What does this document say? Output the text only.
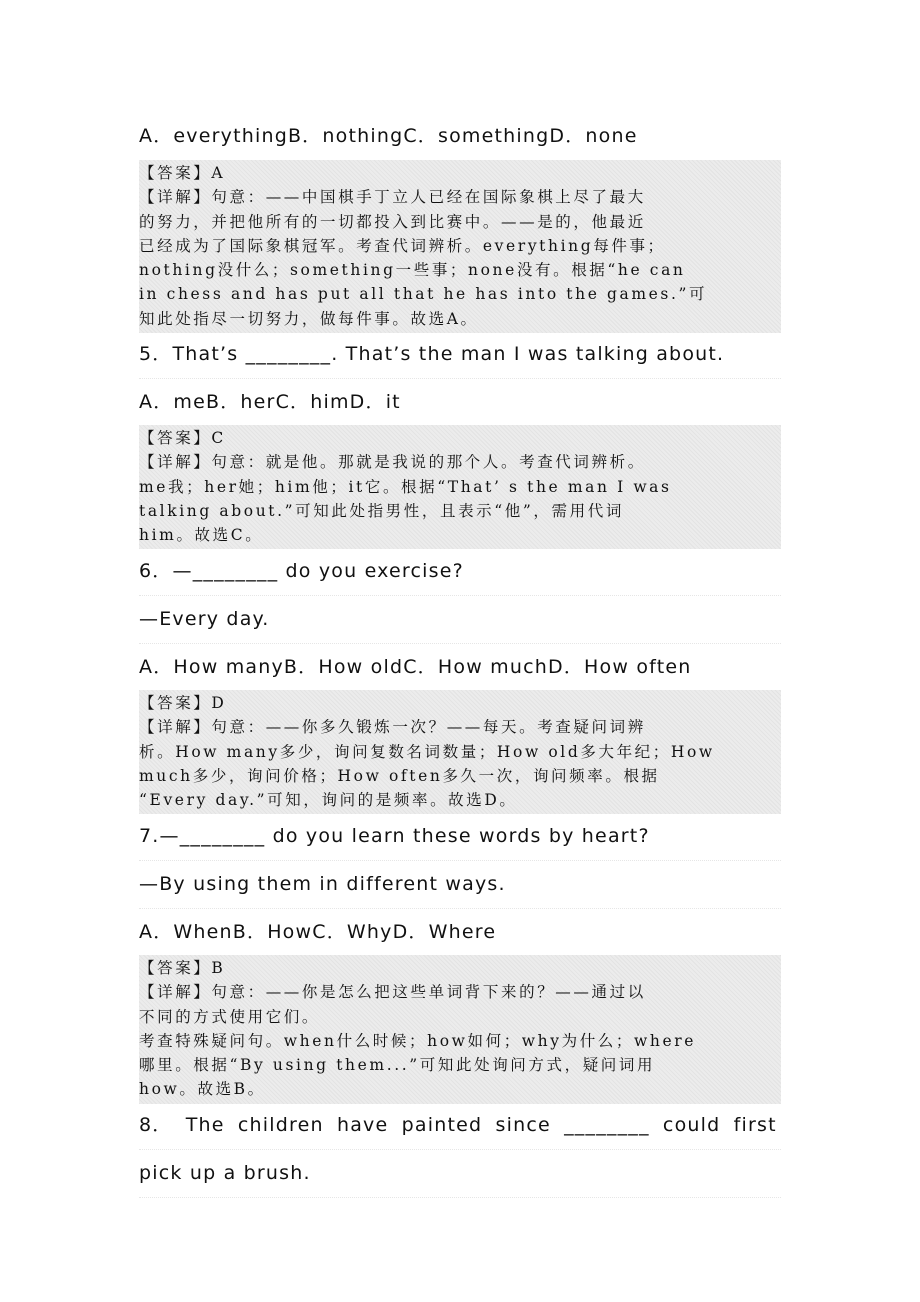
A．everythingB．nothingC．somethingD．none
【答案】A
【详解】句意：——中国棋手丁立人已经在国际象棋上尽了最大
的努力，并把他所有的一切都投入到比赛中。——是的，他最近
已经成为了国际象棋冠军。考查代词辨析。everything每件事；
nothing没什么；something一些事；none没有。根据“he can
in chess and has put all that he has into the games.”可
知此处指尽一切努力，做每件事。故选A。
5．That’s ________. That’s the man I was talking about.
A．meB．herC．himD．it
【答案】C
【详解】句意：就是他。那就是我说的那个人。考查代词辨析。
me我；her她；him他；it它。根据“That’ s the man I was
talking about.”可知此处指男性，且表示“他”，需用代词
him。故选C。
6．—________ do you exercise?
—Every day.
A．How manyB．How oldC．How muchD．How often
【答案】D
【详解】句意：——你多久锻炼一次？——每天。考查疑问词辨
析。How many多少，询问复数名词数量；How old多大年纪；How
much多少，询问价格；How often多久一次，询问频率。根据
“Every day.”可知，询问的是频率。故选D。
7.—________ do you learn these words by heart?
—By using them in different ways.
A．WhenB．HowC．WhyD．Where
【答案】B
【详解】句意：——你是怎么把这些单词背下来的？——通过以
不同的方式使用它们。
考查特殊疑问句。when什么时候；how如何；why为什么；where
哪里。根据“By using them...”可知此处询问方式，疑问词用
how。故选B。
8． The children have painted since ________ could first
pick up a brush.
